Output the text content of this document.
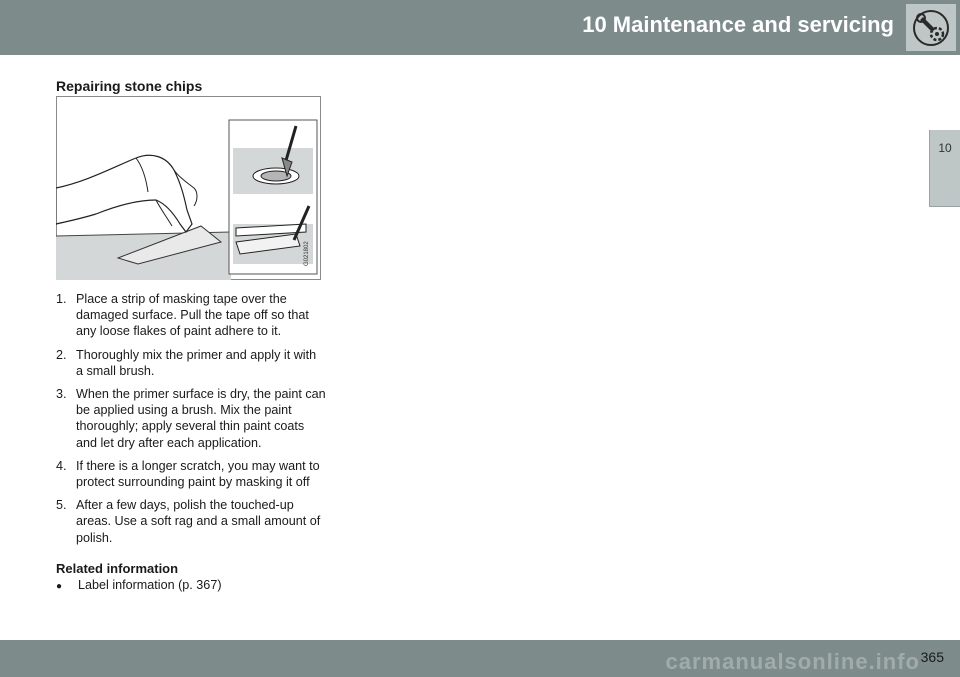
10 Maintenance and servicing
10
Repairing stone chips
G021802
1. Place a strip of masking tape over the damaged surface. Pull the tape off so that any loose flakes of paint adhere to it.
2. Thoroughly mix the primer and apply it with a small brush.
3. When the primer surface is dry, the paint can be applied using a brush. Mix the paint thoroughly; apply several thin paint coats and let dry after each application.
4. If there is a longer scratch, you may want to protect surrounding paint by masking it off
5. After a few days, polish the touched-up areas. Use a soft rag and a small amount of polish.
Related information
● Label information (p. 367)
carmanualsonline.info 365
